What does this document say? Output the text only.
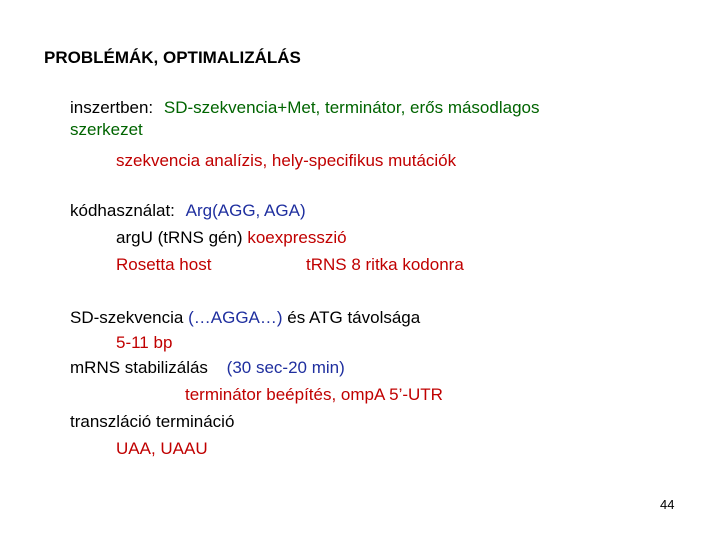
PROBLÉMÁK, OPTIMALIZÁLÁS
inszertben: SD-szekvencia+Met, terminátor, erős másodlagos
szerkezet
szekvencia analízis, hely-specifikus mutációk
kódhasználat: Arg(AGG, AGA)
argU (tRNS gén) koexpresszió
Rosetta host	tRNS 8 ritka kodonra
SD-szekvencia (…AGGA…) és ATG távolsága
5-11 bp
mRNS stabilizálás (30 sec-20 min)
terminátor beépítés, ompA 5’-UTR
transzláció termináció
UAA, UAAU
44
